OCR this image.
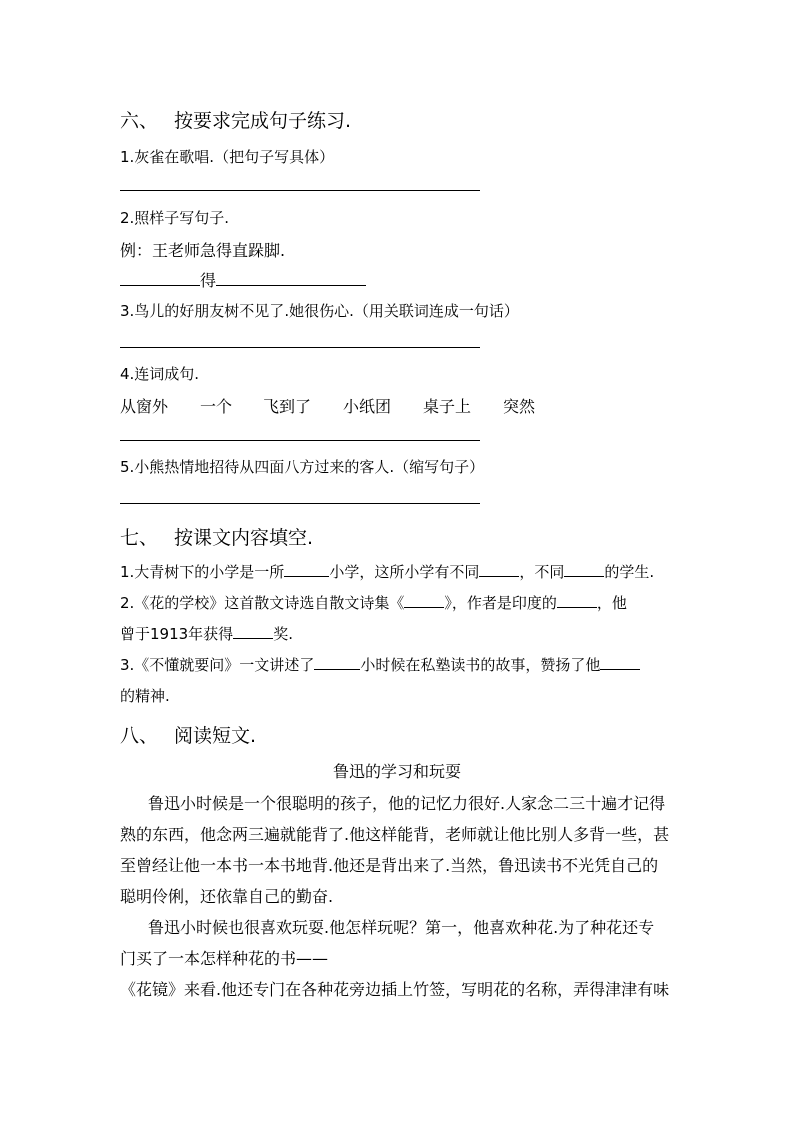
六、 按要求完成句子练习.
1.灰雀在歌唱.（把句子写具体）
2.照样子写句子.
例：王老师急得直跺脚.
得
3.鸟儿的好朋友树不见了.她很伤心.（用关联词连成一句话）
4.连词成句.
从窗外 一个 飞到了 小纸团 桌子上 突然
5.小熊热情地招待从四面八方过来的客人.（缩写句子）
七、 按课文内容填空.
1.大青树下的小学是一所	小学，这所小学有不同	，不同	的学生.
2.《花的学校》这首散文诗选自散文诗集《	》，作者是印度的	，他
曾于1913年获得	奖.
3.《不懂就要问》一文讲述了	小时候在私塾读书的故事，赞扬了他
的精神.
八、 阅读短文.
鲁迅的学习和玩耍
鲁迅小时候是一个很聪明的孩子，他的记忆力很好.人家念二三十遍才记得
熟的东西，他念两三遍就能背了.他这样能背，老师就让他比别人多背一些，甚
至曾经让他一本书一本书地背.他还是背出来了.当然，鲁迅读书不光凭自己的
聪明伶俐，还依靠自己的勤奋.
鲁迅小时候也很喜欢玩耍.他怎样玩呢？第一，他喜欢种花.为了种花还专
门买了一本怎样种花的书——
《花镜》来看.他还专门在各种花旁边插上竹签，写明花的名称，弄得津津有味
